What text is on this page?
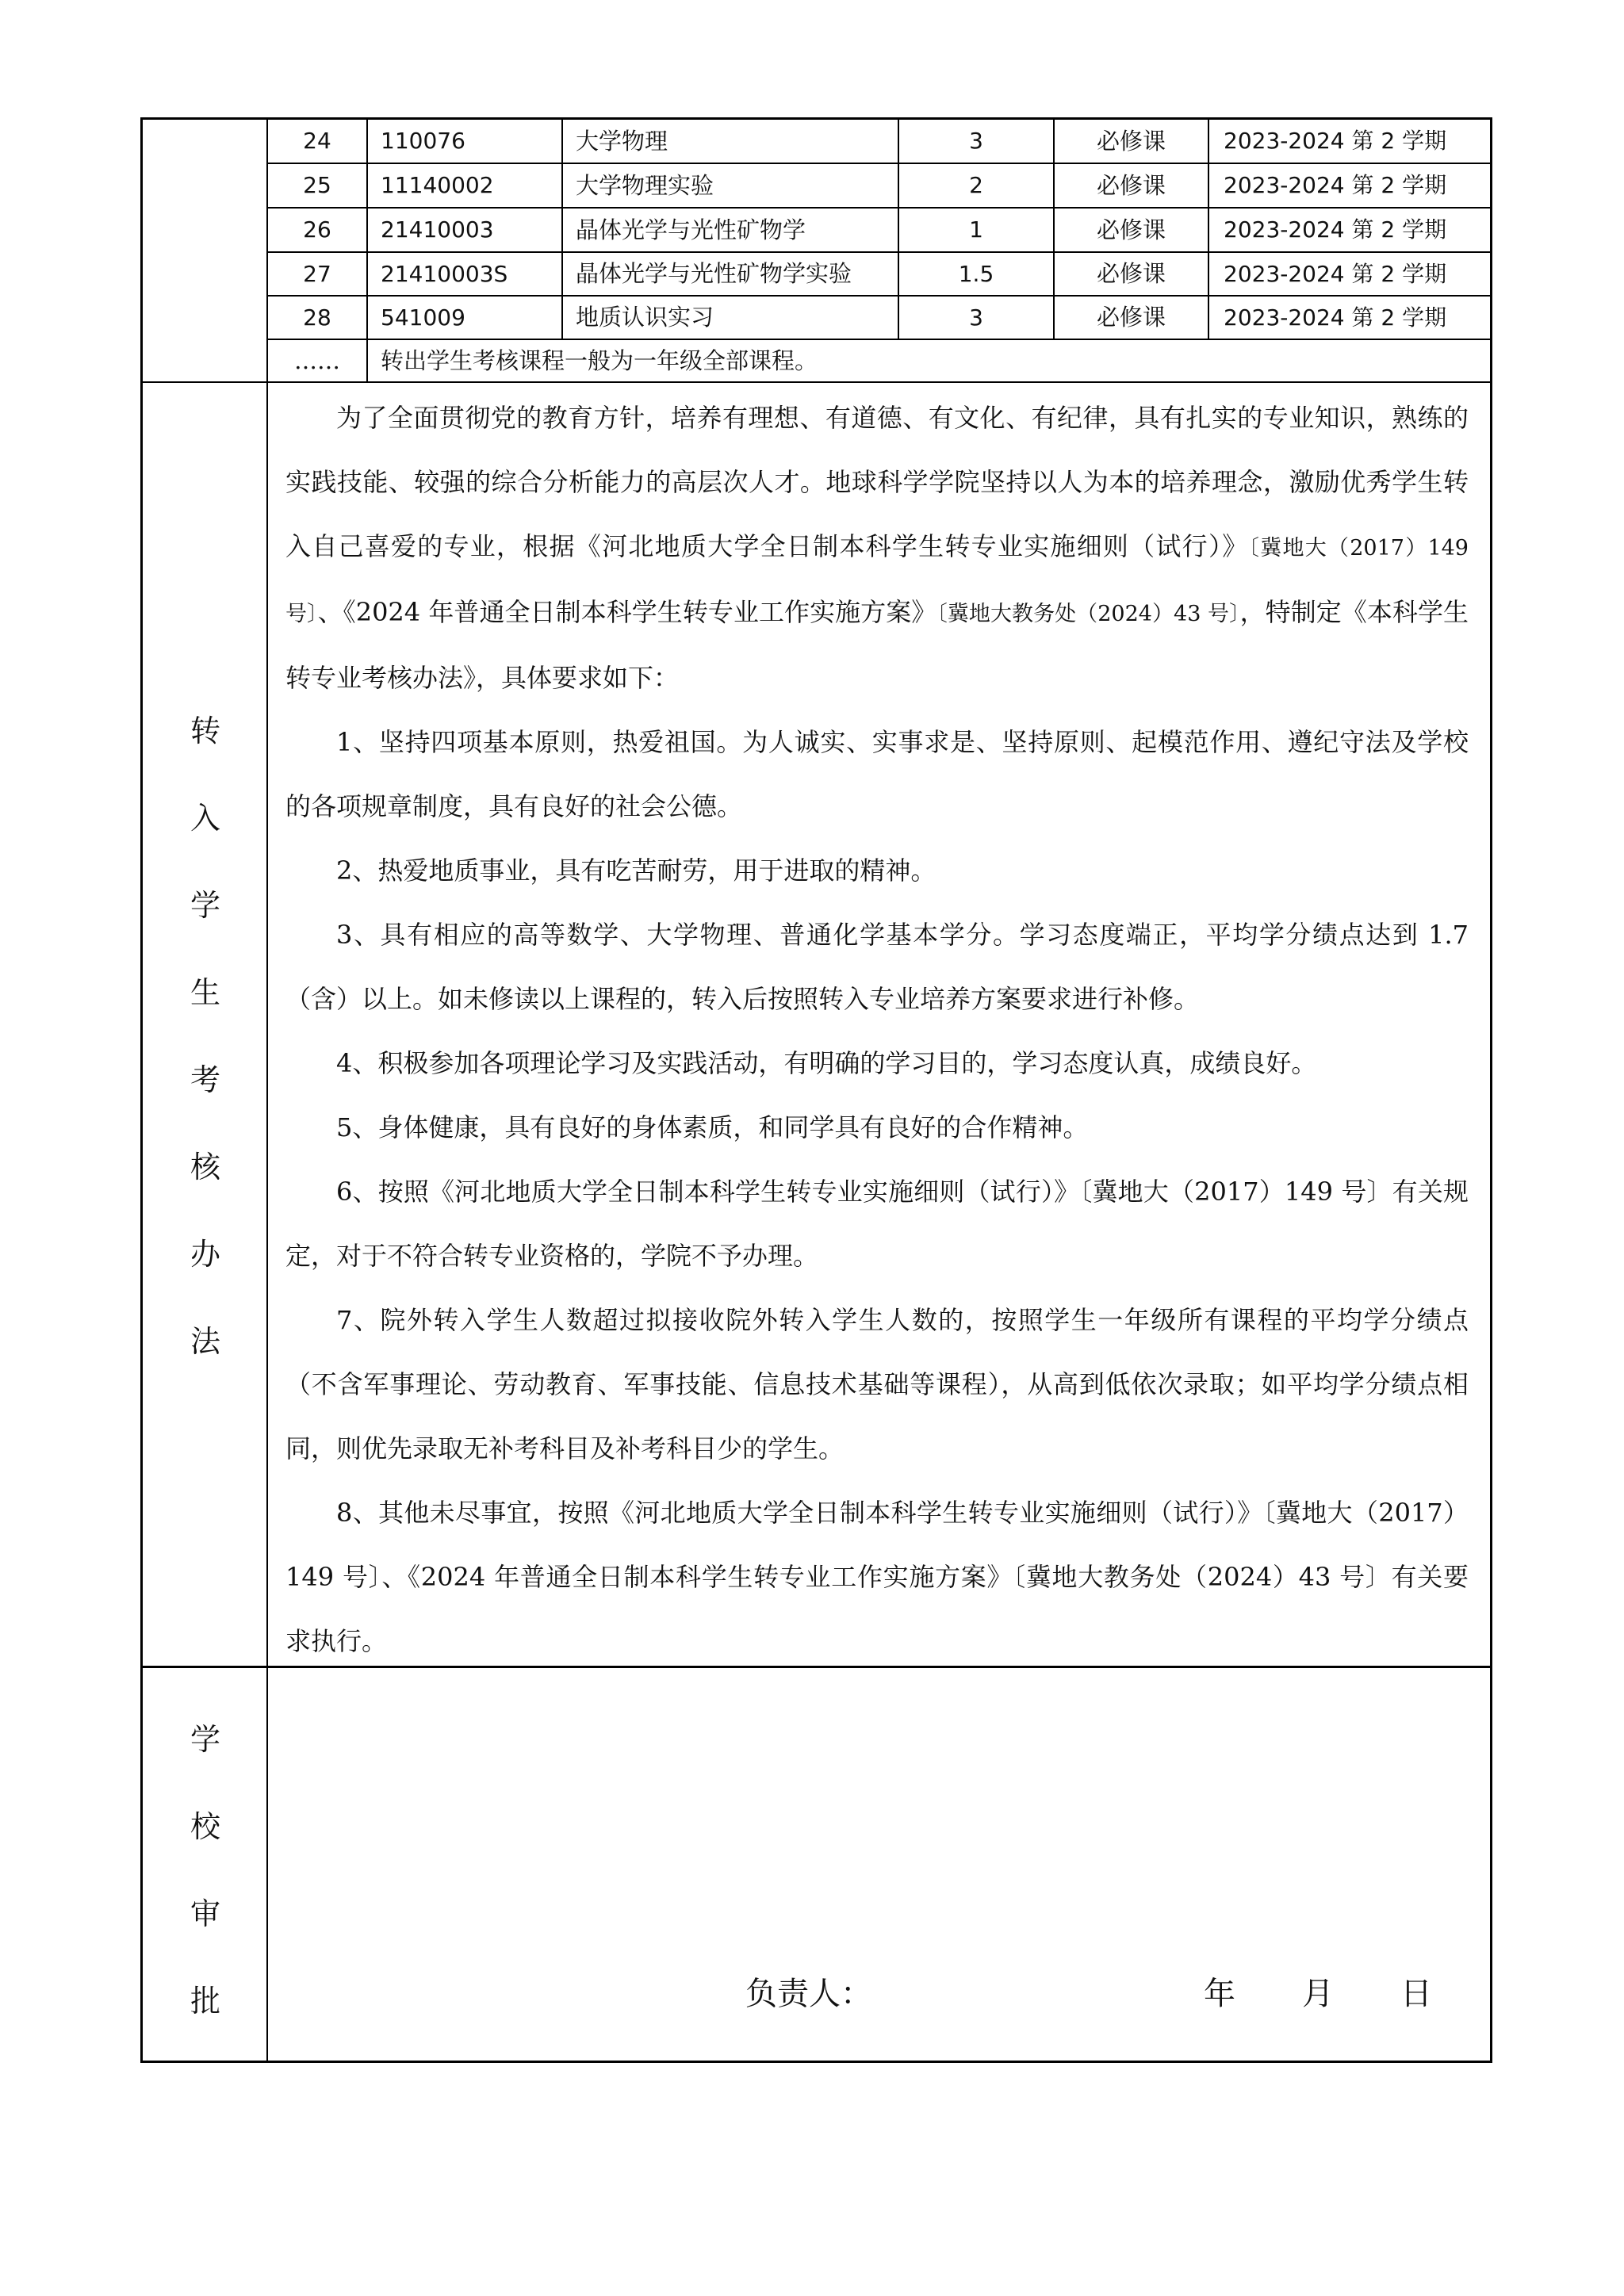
24	110076	大学物理	3	必修课	2023-2024 第 2 学期
25	11140002	大学物理实验	2	必修课	2023-2024 第 2 学期
26	21410003	晶体光学与光性矿物学	1	必修课	2023-2024 第 2 学期
27	21410003S	晶体光学与光性矿物学实验	1.5	必修课	2023-2024 第 2 学期
28	541009	地质认识实习	3	必修课	2023-2024 第 2 学期
……	转出学生考核课程一般为一年级全部课程。
转
入
学
生
考
核
办
法

为了全面贯彻党的教育方针，培养有理想、有道德、有文化、有纪律，具有扎实的专业知识，熟练的实践技能、较强的综合分析能力的高层次人才。地球科学学院坚持以人为本的培养理念，激励优秀学生转入自己喜爱的专业，根据《河北地质大学全日制本科学生转专业实施细则（试行）》〔冀地大（2017）149 号〕、《2024 年普通全日制本科学生转专业工作实施方案》〔冀地大教务处（2024）43 号〕，特制定《本科学生转专业考核办法》，具体要求如下：

1、坚持四项基本原则，热爱祖国。为人诚实、实事求是、坚持原则、起模范作用、遵纪守法及学校的各项规章制度，具有良好的社会公德。

2、热爱地质事业，具有吃苦耐劳，用于进取的精神。

3、具有相应的高等数学、大学物理、普通化学基本学分。学习态度端正，平均学分绩点达到 1.7（含）以上。如未修读以上课程的，转入后按照转入专业培养方案要求进行补修。

4、积极参加各项理论学习及实践活动，有明确的学习目的，学习态度认真，成绩良好。

5、身体健康，具有良好的身体素质，和同学具有良好的合作精神。

6、按照《河北地质大学全日制本科学生转专业实施细则（试行）》〔冀地大（2017）149 号〕有关规定，对于不符合转专业资格的，学院不予办理。

7、院外转入学生人数超过拟接收院外转入学生人数的，按照学生一年级所有课程的平均学分绩点（不含军事理论、劳动教育、军事技能、信息技术基础等课程），从高到低依次录取；如平均学分绩点相同，则优先录取无补考科目及补考科目少的学生。

8、其他未尽事宜，按照《河北地质大学全日制本科学生转专业实施细则（试行）》〔冀地大（2017）149 号〕、《2024 年普通全日制本科学生转专业工作实施方案》〔冀地大教务处（2024）43 号〕有关要求执行。

学
校
审
批	负责人：	年 月 日
